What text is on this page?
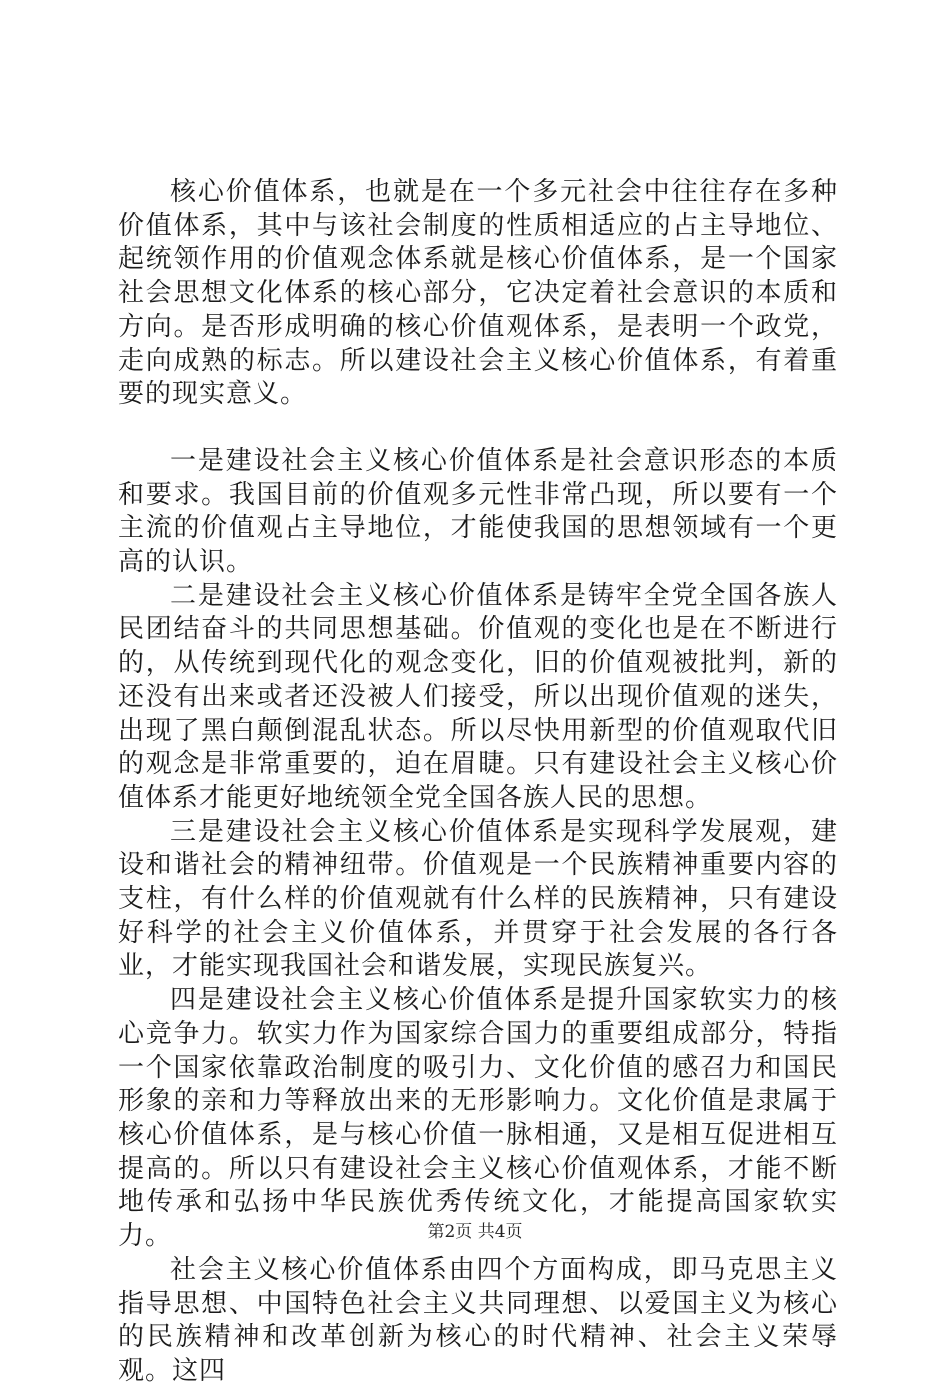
核心价值体系，也就是在一个多元社会中往往存在多种价值体系，其中与该社会制度的性质相适应的占主导地位、起统领作用的价值观念体系就是核心价值体系，是一个国家社会思想文化体系的核心部分，它决定着社会意识的本质和方向。是否形成明确的核心价值观体系，是表明一个政党，走向成熟的标志。所以建设社会主义核心价值体系，有着重要的现实意义。

一是建设社会主义核心价值体系是社会意识形态的本质和要求。我国目前的价值观多元性非常凸现，所以要有一个主流的价值观占主导地位，才能使我国的思想领域有一个更高的认识。

二是建设社会主义核心价值体系是铸牢全党全国各族人民团结奋斗的共同思想基础。价值观的变化也是在不断进行的，从传统到现代化的观念变化，旧的价值观被批判，新的还没有出来或者还没被人们接受，所以出现价值观的迷失，出现了黑白颠倒混乱状态。所以尽快用新型的价值观取代旧的观念是非常重要的，迫在眉睫。只有建设社会主义核心价值体系才能更好地统领全党全国各族人民的思想。

三是建设社会主义核心价值体系是实现科学发展观，建设和谐社会的精神纽带。价值观是一个民族精神重要内容的支柱，有什么样的价值观就有什么样的民族精神，只有建设好科学的社会主义价值体系，并贯穿于社会发展的各行各业，才能实现我国社会和谐发展，实现民族复兴。

四是建设社会主义核心价值体系是提升国家软实力的核心竞争力。软实力作为国家综合国力的重要组成部分，特指一个国家依靠政治制度的吸引力、文化价值的感召力和国民形象的亲和力等释放出来的无形影响力。文化价值是隶属于核心价值体系，是与核心价值一脉相通，又是相互促进相互提高的。所以只有建设社会主义核心价值观体系，才能不断地传承和弘扬中华民族优秀传统文化，才能提高国家软实力。

社会主义核心价值体系由四个方面构成，即马克思主义指导思想、中国特色社会主义共同理想、以爱国主义为核心的民族精神和改革创新为核心的时代精神、社会主义荣辱观。这四

第2页 共4页
